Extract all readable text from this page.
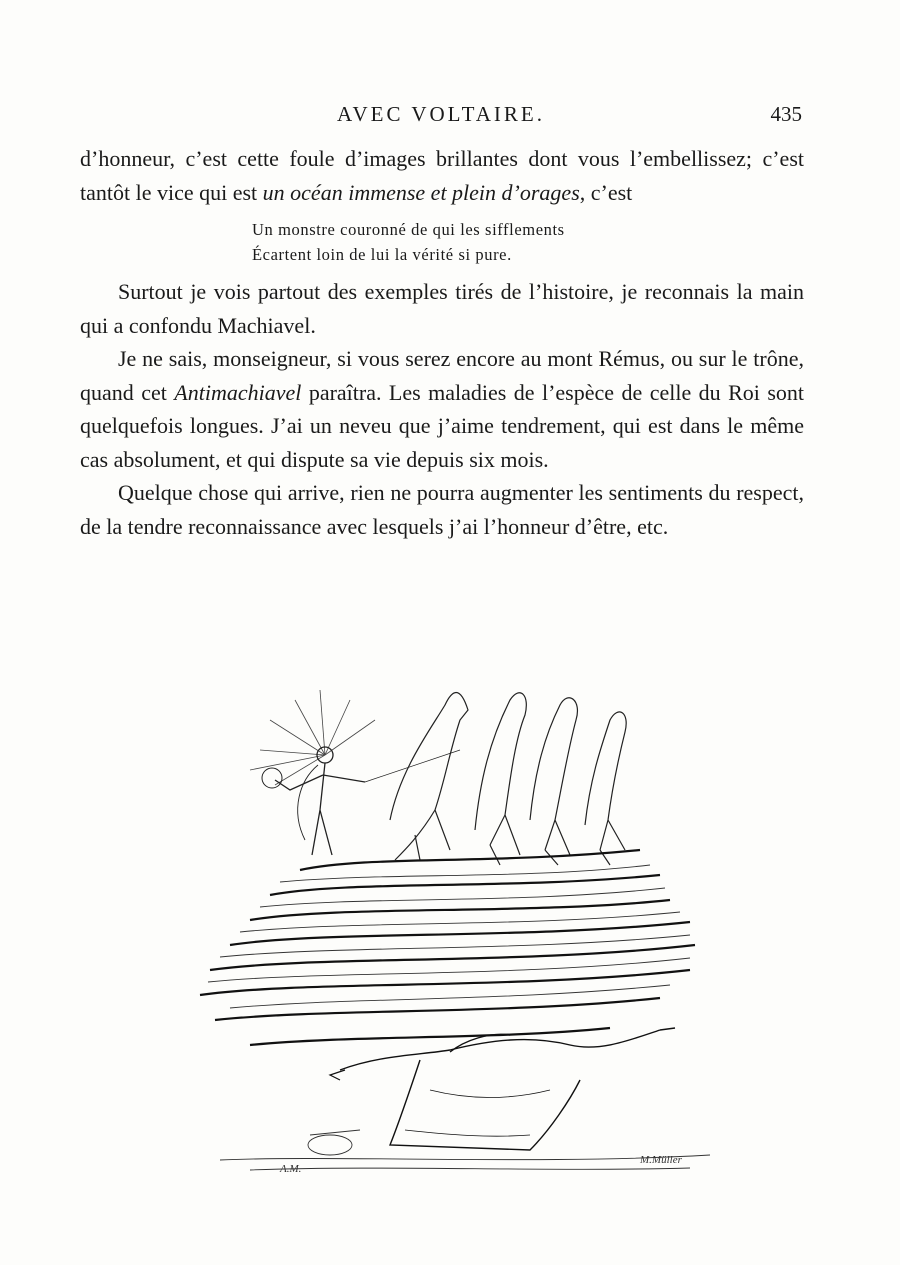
AVEC VOLTAIRE.	435

d’honneur, c’est cette foule d’images brillantes dont vous l’embellissez; c’est tantôt le vice qui est un océan immense et plein d’orages, c’est

Un monstre couronné de qui les sifflements
Écartent loin de lui la vérité si pure.

Surtout je vois partout des exemples tirés de l’histoire, je reconnais la main qui a confondu Machiavel.

Je ne sais, monseigneur, si vous serez encore au mont Rémus, ou sur le trône, quand cet Antimachiavel paraîtra. Les maladies de l’espèce de celle du Roi sont quelquefois longues. J’ai un neveu que j’aime tendrement, qui est dans le même cas absolument, et qui dispute sa vie depuis six mois.

Quelque chose qui arrive, rien ne pourra augmenter les sentiments du respect, de la tendre reconnaissance avec lesquels j’ai l’honneur d’être, etc.

A.M.
M.Müller
